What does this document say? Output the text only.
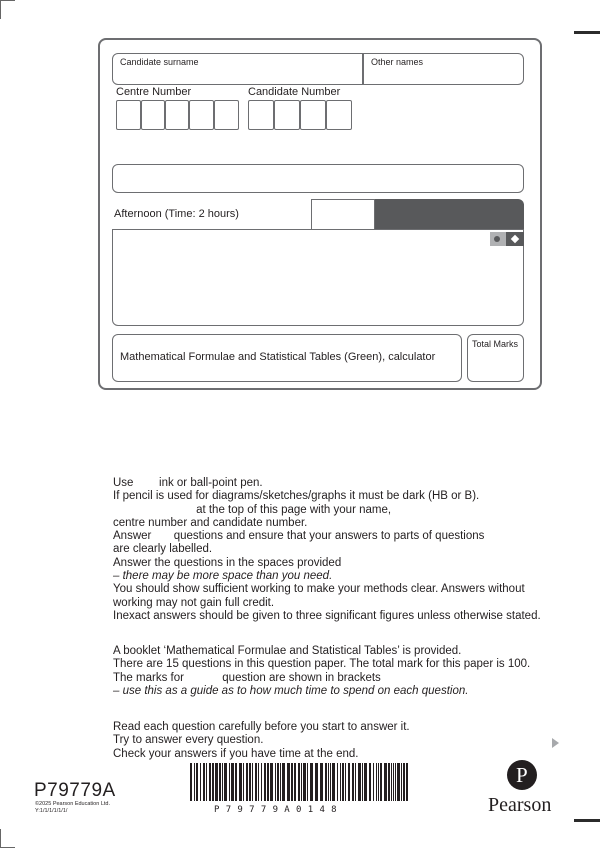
Candidate surname	Other names
Centre Number	Candidate Number
Afternoon (Time: 2 hours)
Mathematical Formulae and Statistical Tables (Green), calculator
Total Marks
Use        ink or ball-point pen.
If pencil is used for diagrams/sketches/graphs it must be dark (HB or B).
at the top of this page with your name,
centre number and candidate number.
Answer       questions and ensure that your answers to parts of questions
are clearly labelled.
Answer the questions in the spaces provided
– there may be more space than you need.
You should show sufficient working to make your methods clear. Answers without
working may not gain full credit.
Inexact answers should be given to three significant figures unless otherwise stated.
A booklet ‘Mathematical Formulae and Statistical Tables’ is provided.
There are 15 questions in this question paper. The total mark for this paper is 100.
The marks for            question are shown in brackets
– use this as a guide as to how much time to spend on each question.
Read each question carefully before you start to answer it.
Try to answer every question.
Check your answers if you have time at the end.
P79779A
©2025 Pearson Education Ltd.
Y:1/1/1/1/1/1/	P79779A0148
P
Pearson
